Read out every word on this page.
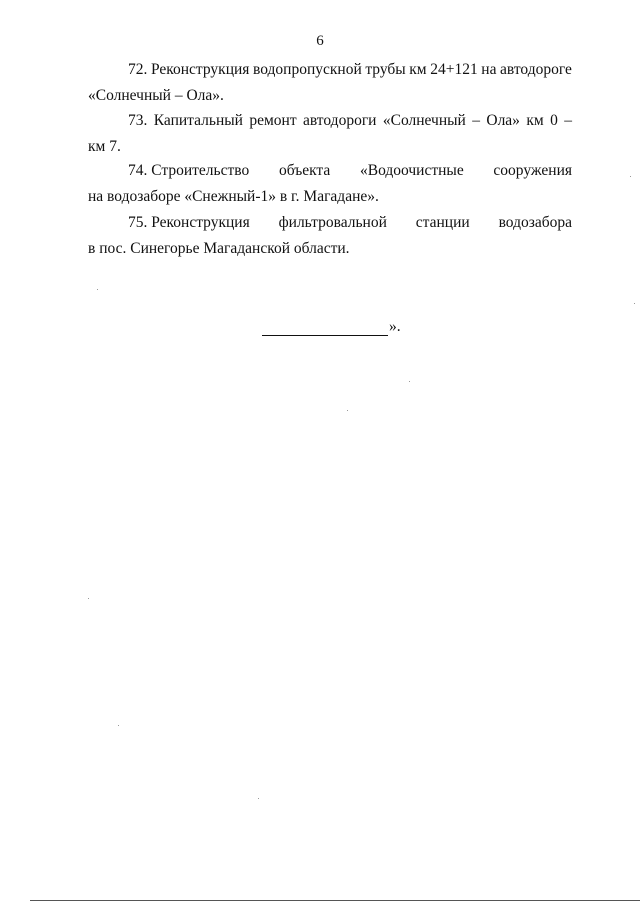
6
72. Реконструкция водопропускной трубы км 24+121 на автодороге
«Солнечный – Ола».
73. Капитальный ремонт автодороги «Солнечный – Ола» км 0 –
км 7.
74. Строительство объекта «Водоочистные сооружения
на водозаборе «Снежный-1» в г. Магадане».
75. Реконструкция фильтровальной станции водозабора
в пос. Синегорье Магаданской области.
».
